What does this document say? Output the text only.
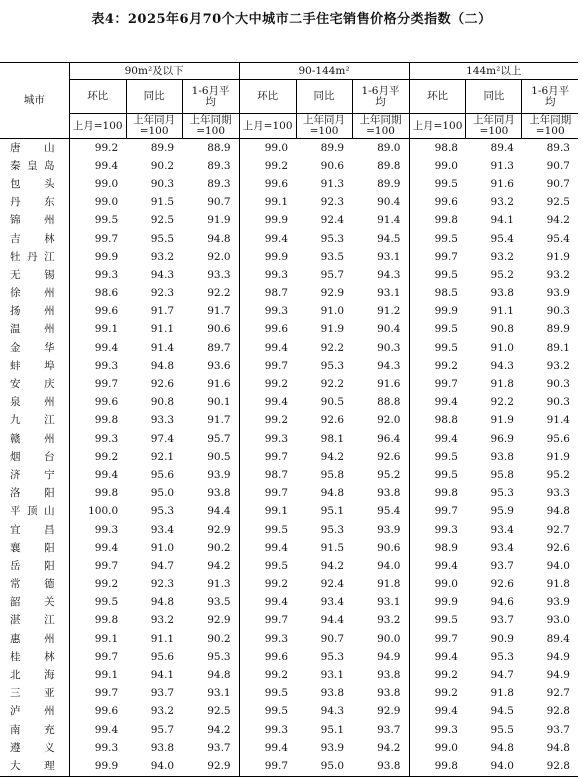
表4：2025年6月70个大中城市二手住宅销售价格分类指数（二）
城市	90m²及以下			90-144m²			144m²以上		
	环比	同比	1-6月平均	环比	同比	1-6月平均	环比	同比	1-6月平均
	上月=100	上年同月=100	上年同期=100	上月=100	上年同月=100	上年同期=100	上月=100	上年同月=100	上年同期=100
唐山	99.2	89.9	88.9	99.0	89.9	89.0	98.8	89.4	89.3
秦皇岛	99.4	90.2	89.3	99.2	90.6	89.8	99.0	91.3	90.7
包头	99.0	90.3	89.3	99.6	91.3	89.9	99.5	91.6	90.7
丹东	99.0	91.5	90.7	99.1	92.3	90.4	99.6	93.2	92.5
锦州	99.5	92.5	91.9	99.9	92.4	91.4	99.8	94.1	94.2
吉林	99.7	95.5	94.8	99.4	95.3	94.5	99.5	95.4	95.4
牡丹江	99.9	93.2	92.0	99.9	93.5	93.1	99.7	93.2	91.9
无锡	99.3	94.3	93.3	99.3	95.7	94.3	99.5	95.2	93.2
徐州	98.6	92.3	92.2	98.7	92.9	93.1	98.5	93.8	93.9
扬州	99.6	91.7	91.7	99.3	91.0	91.2	99.9	91.1	90.3
温州	99.1	91.1	90.6	99.6	91.9	90.4	99.5	90.8	89.9
金华	99.4	91.4	89.7	99.4	92.2	90.3	99.5	91.0	89.1
蚌埠	99.3	94.8	93.6	99.7	95.3	94.3	99.2	94.3	93.2
安庆	99.7	92.6	91.6	99.2	92.2	91.6	99.7	91.8	90.3
泉州	99.6	90.8	90.1	99.4	90.5	88.8	99.4	92.2	90.3
九江	99.8	93.3	91.7	99.2	92.6	92.0	98.8	91.9	91.4
赣州	99.3	97.4	95.7	99.3	98.1	96.4	99.4	96.9	95.6
烟台	99.2	92.1	90.5	99.7	94.2	92.6	99.5	93.8	91.9
济宁	99.4	95.6	93.9	98.7	95.8	95.2	99.5	95.8	95.2
洛阳	99.8	95.0	93.8	99.7	94.8	93.8	99.8	95.3	93.3
平顶山	100.0	95.3	94.4	99.1	95.1	95.4	99.7	95.9	94.8
宜昌	99.3	93.4	92.9	99.5	95.3	93.9	99.3	93.4	92.7
襄阳	99.4	91.0	90.2	99.4	91.5	90.6	98.9	93.4	92.6
岳阳	99.7	94.7	94.2	99.5	94.2	94.0	99.4	93.7	94.0
常德	99.2	92.3	91.3	99.2	92.4	91.8	99.0	92.6	91.8
韶关	99.5	94.8	93.5	99.4	93.4	93.1	99.9	94.6	93.9
湛江	99.8	93.2	92.9	99.7	94.4	93.2	99.5	93.7	93.0
惠州	99.1	91.1	90.2	99.3	90.7	90.0	99.7	90.9	89.4
桂林	99.7	95.6	95.3	99.6	95.3	94.9	99.4	95.3	94.9
北海	99.1	94.1	94.8	99.2	93.1	93.8	99.2	94.7	94.9
三亚	99.7	93.7	93.1	99.5	93.8	93.8	99.2	91.8	92.7
泸州	99.6	93.2	92.5	99.5	94.3	92.9	99.4	94.5	92.8
南充	99.4	95.7	94.2	99.3	95.1	93.7	99.3	95.5	93.7
遵义	99.3	93.8	93.7	99.4	93.9	94.2	99.0	94.8	94.8
大理	99.9	94.0	92.9	99.7	95.0	93.8	99.8	94.0	92.8
